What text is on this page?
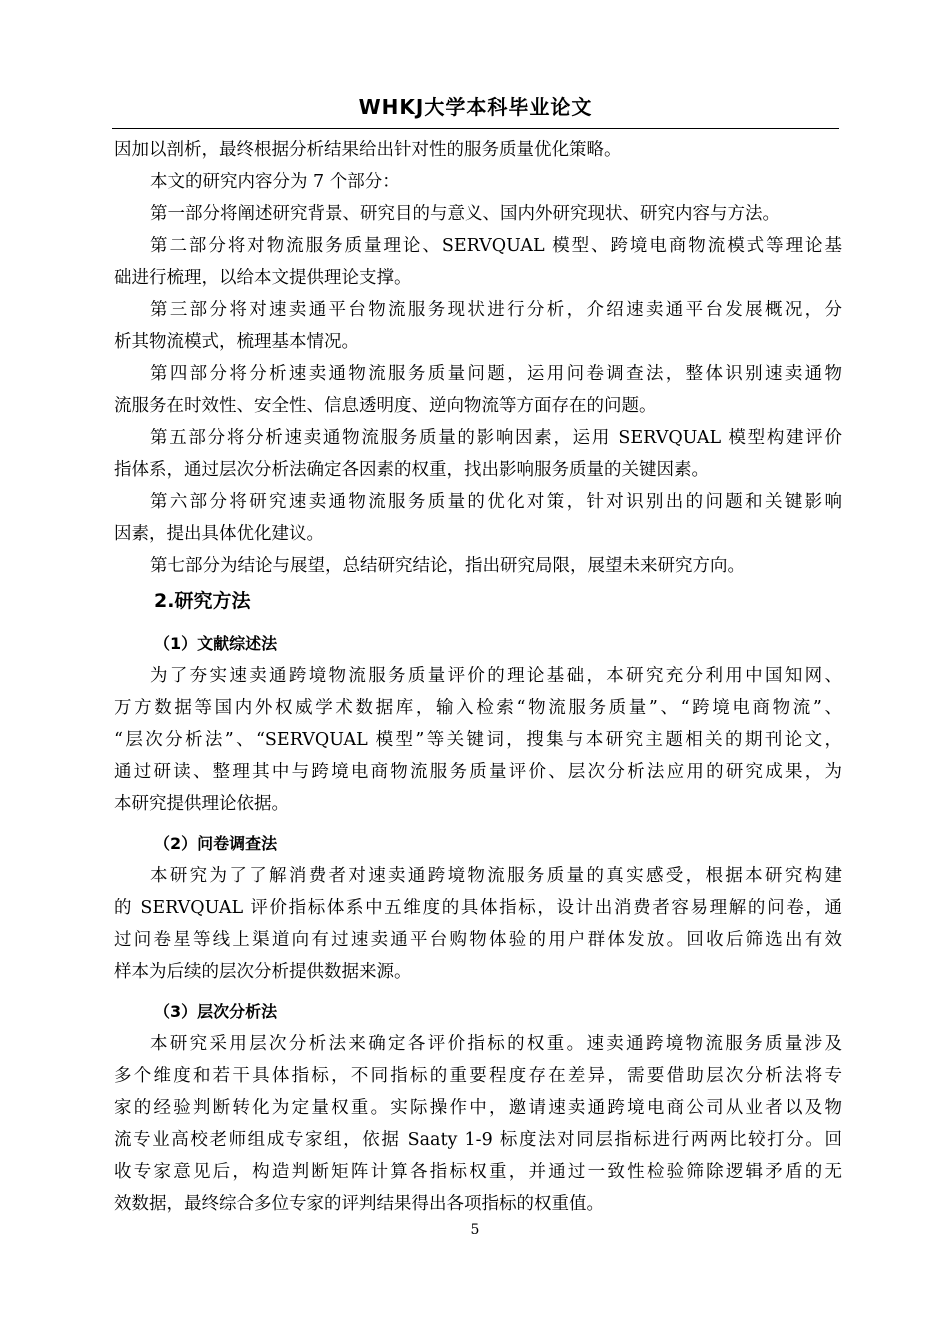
WHKJ大学本科毕业论文
因加以剖析，最终根据分析结果给出针对性的服务质量优化策略。
本文的研究内容分为 7 个部分：
第一部分将阐述研究背景、研究目的与意义、国内外研究现状、研究内容与方法。
第二部分将对物流服务质量理论、SERVQUAL 模型、跨境电商物流模式等理论基
础进行梳理，以给本文提供理论支撑。
第三部分将对速卖通平台物流服务现状进行分析，介绍速卖通平台发展概况，分
析其物流模式，梳理基本情况。
第四部分将分析速卖通物流服务质量问题，运用问卷调查法，整体识别速卖通物
流服务在时效性、安全性、信息透明度、逆向物流等方面存在的问题。
第五部分将分析速卖通物流服务质量的影响因素，运用 SERVQUAL 模型构建评价
指体系，通过层次分析法确定各因素的权重，找出影响服务质量的关键因素。
第六部分将研究速卖通物流服务质量的优化对策，针对识别出的问题和关键影响
因素，提出具体优化建议。
第七部分为结论与展望，总结研究结论，指出研究局限，展望未来研究方向。
2.研究方法
（1）文献综述法
为了夯实速卖通跨境物流服务质量评价的理论基础，本研究充分利用中国知网、
万方数据等国内外权威学术数据库，输入检索“物流服务质量”、“跨境电商物流”、
“层次分析法”、“SERVQUAL 模型”等关键词，搜集与本研究主题相关的期刊论文，
通过研读、整理其中与跨境电商物流服务质量评价、层次分析法应用的研究成果，为
本研究提供理论依据。
（2）问卷调查法
本研究为了了解消费者对速卖通跨境物流服务质量的真实感受，根据本研究构建
的 SERVQUAL 评价指标体系中五维度的具体指标，设计出消费者容易理解的问卷，通
过问卷星等线上渠道向有过速卖通平台购物体验的用户群体发放。回收后筛选出有效
样本为后续的层次分析提供数据来源。
（3）层次分析法
本研究采用层次分析法来确定各评价指标的权重。速卖通跨境物流服务质量涉及
多个维度和若干具体指标，不同指标的重要程度存在差异，需要借助层次分析法将专
家的经验判断转化为定量权重。实际操作中，邀请速卖通跨境电商公司从业者以及物
流专业高校老师组成专家组，依据 Saaty 1-9 标度法对同层指标进行两两比较打分。回
收专家意见后，构造判断矩阵计算各指标权重，并通过一致性检验筛除逻辑矛盾的无
效数据，最终综合多位专家的评判结果得出各项指标的权重值。
5
